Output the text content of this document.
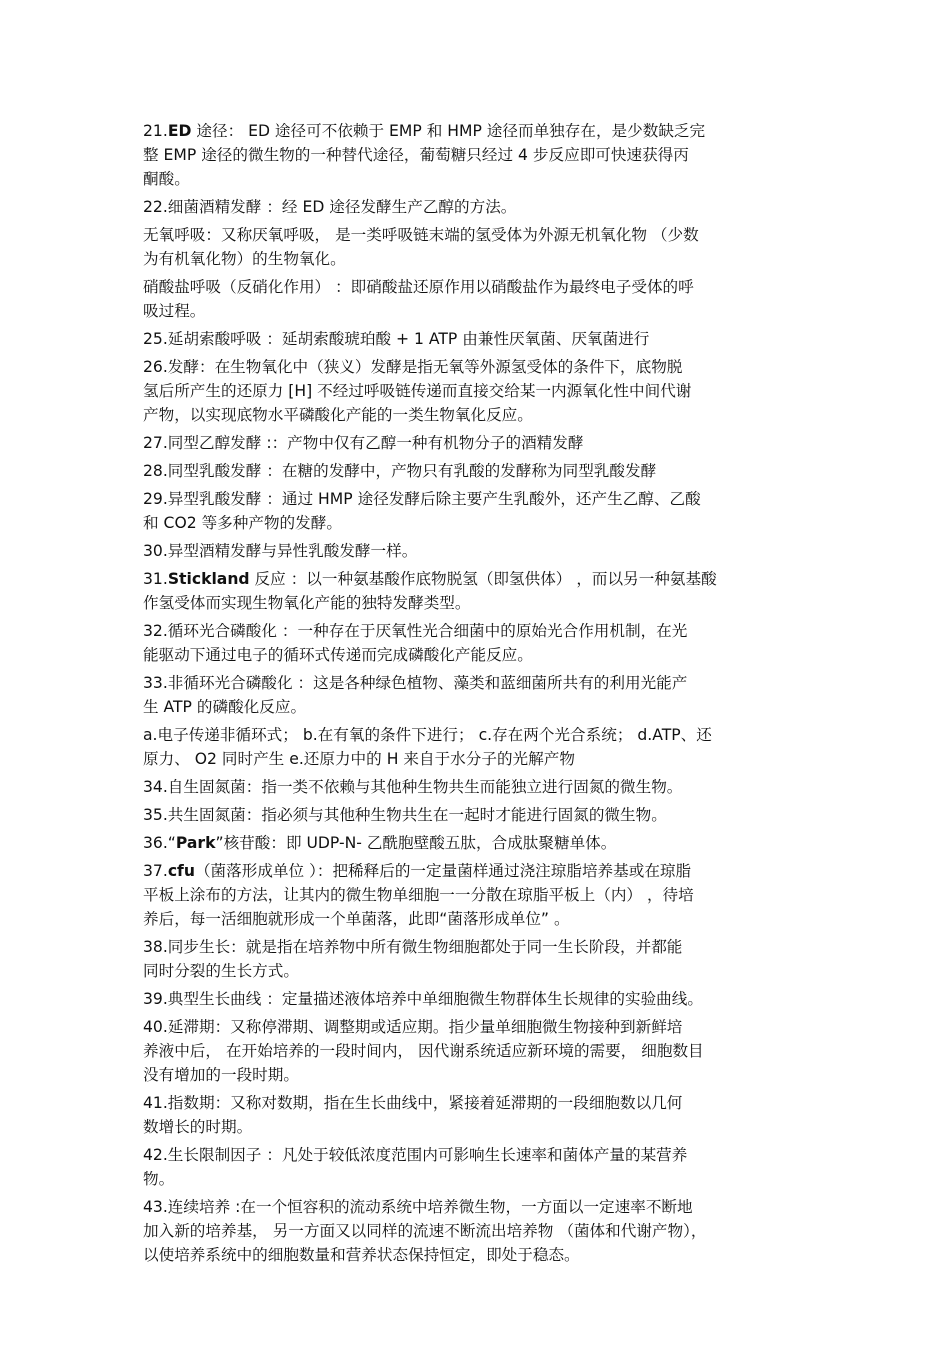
21.ED 途径： ED 途径可不依赖于 EMP 和 HMP 途径而单独存在，是少数缺乏完
整 EMP 途径的微生物的一种替代途径，葡萄糖只经过 4 步反应即可快速获得丙
酮酸。
22.细菌酒精发酵 ：经 ED 途径发酵生产乙醇的方法。
无氧呼吸：又称厌氧呼吸， 是一类呼吸链末端的氢受体为外源无机氧化物 （少数
为有机氧化物）的生物氧化。
硝酸盐呼吸（反硝化作用） ：即硝酸盐还原作用以硝酸盐作为最终电子受体的呼
吸过程。
25.延胡索酸呼吸 ：延胡索酸琥珀酸 + 1 ATP 由兼性厌氧菌、厌氧菌进行
26.发酵：在生物氧化中（狭义）发酵是指无氧等外源氢受体的条件下，底物脱
氢后所产生的还原力 [H] 不经过呼吸链传递而直接交给某一内源氧化性中间代谢
产物，以实现底物水平磷酸化产能的一类生物氧化反应。
27.同型乙醇发酵 :：产物中仅有乙醇一种有机物分子的酒精发酵
28.同型乳酸发酵 ：在糖的发酵中，产物只有乳酸的发酵称为同型乳酸发酵
29.异型乳酸发酵 ：通过 HMP 途径发酵后除主要产生乳酸外，还产生乙醇、乙酸
和 CO2 等多种产物的发酵。
30.异型酒精发酵与异性乳酸发酵一样。
31.Stickland 反应 ：以一种氨基酸作底物脱氢（即氢供体） ，而以另一种氨基酸
作氢受体而实现生物氧化产能的独特发酵类型。
32.循环光合磷酸化 ：一种存在于厌氧性光合细菌中的原始光合作用机制，在光
能驱动下通过电子的循环式传递而完成磷酸化产能反应。
33.非循环光合磷酸化 ：这是各种绿色植物、藻类和蓝细菌所共有的利用光能产
生 ATP 的磷酸化反应。
a.电子传递非循环式； b.在有氧的条件下进行； c.存在两个光合系统； d.ATP、还
原力、 O2 同时产生 e.还原力中的 H 来自于水分子的光解产物
34.自生固氮菌：指一类不依赖与其他种生物共生而能独立进行固氮的微生物。
35.共生固氮菌：指必须与其他种生物共生在一起时才能进行固氮的微生物。
36.“Park”核苷酸：即 UDP-N- 乙酰胞壁酸五肽，合成肽聚糖单体。
37.cfu（菌落形成单位 ）：把稀释后的一定量菌样通过浇注琼脂培养基或在琼脂
平板上涂布的方法，让其内的微生物单细胞一一分散在琼脂平板上（内） ，待培
养后，每一活细胞就形成一个单菌落，此即“菌落形成单位” 。
38.同步生长：就是指在培养物中所有微生物细胞都处于同一生长阶段，并都能
同时分裂的生长方式。
39.典型生长曲线 ：定量描述液体培养中单细胞微生物群体生长规律的实验曲线。
40.延滞期：又称停滞期、调整期或适应期。指少量单细胞微生物接种到新鲜培
养液中后， 在开始培养的一段时间内， 因代谢系统适应新环境的需要， 细胞数目
没有增加的一段时期。
41.指数期：又称对数期，指在生长曲线中，紧接着延滞期的一段细胞数以几何
数增长的时期。
42.生长限制因子 ：凡处于较低浓度范围内可影响生长速率和菌体产量的某营养
物。
43.连续培养 :在一个恒容积的流动系统中培养微生物，一方面以一定速率不断地
加入新的培养基， 另一方面又以同样的流速不断流出培养物 （菌体和代谢产物），
以使培养系统中的细胞数量和营养状态保持恒定，即处于稳态。
